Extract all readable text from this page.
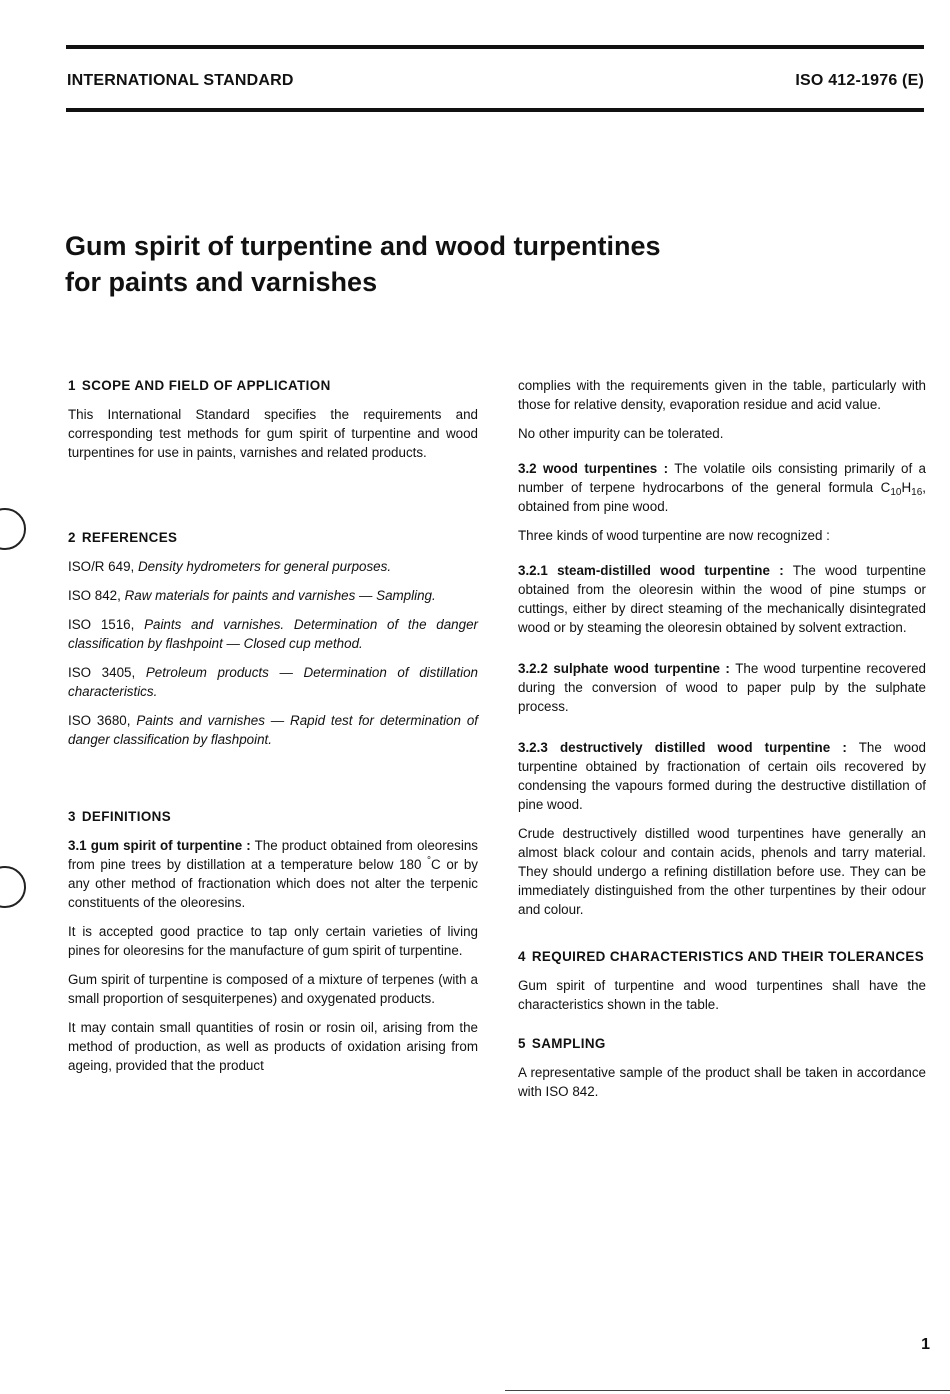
INTERNATIONAL STANDARD	ISO 412-1976 (E)
Gum spirit of turpentine and wood turpentines
for paints and varnishes
1 SCOPE AND FIELD OF APPLICATION

This International Standard specifies the requirements and corresponding test methods for gum spirit of turpentine and wood turpentines for use in paints, varnishes and related products.

2 REFERENCES

ISO/R 649, Density hydrometers for general purposes.

ISO 842, Raw materials for paints and varnishes — Sampling.

ISO 1516, Paints and varnishes. Determination of the danger classification by flashpoint — Closed cup method.

ISO 3405, Petroleum products — Determination of distillation characteristics.

ISO 3680, Paints and varnishes — Rapid test for determination of danger classification by flashpoint.

3 DEFINITIONS

3.1 gum spirit of turpentine : The product obtained from oleoresins from pine trees by distillation at a temperature below 180 °C or by any other method of fractionation which does not alter the terpenic constituents of the oleoresins.

It is accepted good practice to tap only certain varieties of living pines for oleoresins for the manufacture of gum spirit of turpentine.

Gum spirit of turpentine is composed of a mixture of terpenes (with a small proportion of sesquiterpenes) and oxygenated products.

It may contain small quantities of rosin or rosin oil, arising from the method of production, as well as products of oxidation arising from ageing, provided that the product

complies with the requirements given in the table, particularly with those for relative density, evaporation residue and acid value.

No other impurity can be tolerated.

3.2 wood turpentines : The volatile oils consisting primarily of a number of terpene hydrocarbons of the general formula $C_{10}H_{16}$, obtained from pine wood.

Three kinds of wood turpentine are now recognized :

3.2.1 steam-distilled wood turpentine : The wood turpentine obtained from the oleoresin within the wood of pine stumps or cuttings, either by direct steaming of the mechanically disintegrated wood or by steaming the oleoresin obtained by solvent extraction.

3.2.2 sulphate wood turpentine : The wood turpentine recovered during the conversion of wood to paper pulp by the sulphate process.

3.2.3 destructively distilled wood turpentine : The wood turpentine obtained by fractionation of certain oils recovered by condensing the vapours formed during the destructive distillation of pine wood.

Crude destructively distilled wood turpentines have generally an almost black colour and contain acids, phenols and tarry material. They should undergo a refining distillation before use. They can be immediately distinguished from the other turpentines by their odour and colour.

4 REQUIRED CHARACTERISTICS AND THEIR TOLERANCES

Gum spirit of turpentine and wood turpentines shall have the characteristics shown in the table.

5 SAMPLING

A representative sample of the product shall be taken in accordance with ISO 842.

1
